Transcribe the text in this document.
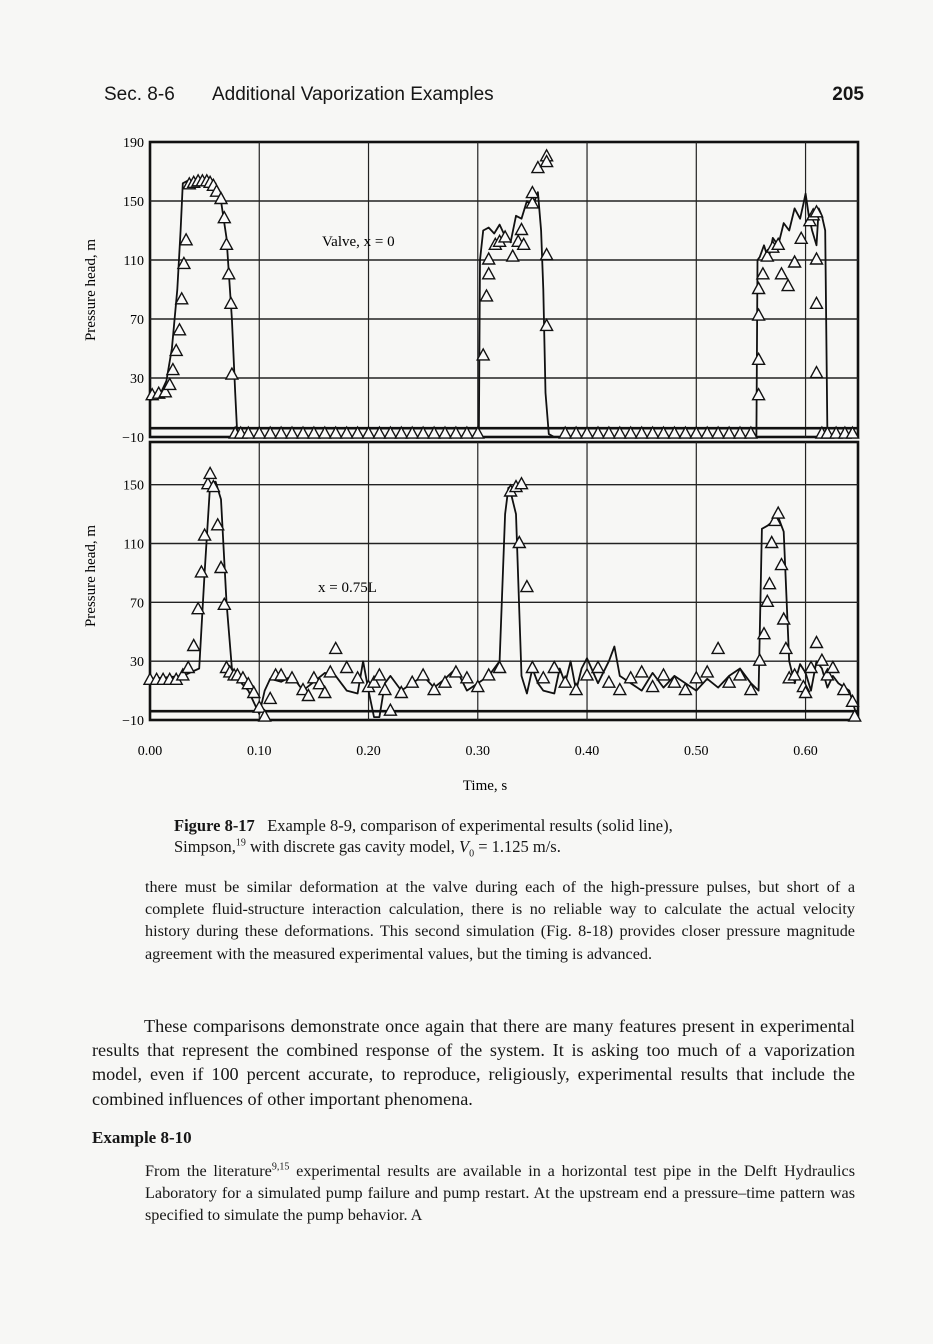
Sec. 8-6 Additional Vaporization Examples	205
190
150
110
70
30
−10
150
110
70
30
−10
0.00	0.10	0.20	0.30	0.40	0.50	0.60
Valve, x = 0
x = 0.75L
Pressure head, m
Pressure head, m
Time, s
Figure 8-17 Example 8-9, comparison of experimental results (solid line),
Simpson,$^{19}$ with discrete gas cavity model, $V_0 = 1.125$ m/s.
there must be similar deformation at the valve during each of the high-pressure pulses, but short of a complete fluid-structure interaction calculation, there is no reliable way to calculate the actual velocity history during these deformations. This second simulation (Fig. 8-18) provides closer pressure magnitude agreement with the measured experimental values, but the timing is advanced.
These comparisons demonstrate once again that there are many features present in experimental results that represent the combined response of the system. It is asking too much of a vaporization model, even if 100 percent accurate, to reproduce, religiously, experimental results that include the combined influences of other important phenomena.
Example 8-10
From the literature$^{9,15}$ experimental results are available in a horizontal test pipe in the Delft Hydraulics Laboratory for a simulated pump failure and pump restart. At the upstream end a pressure–time pattern was specified to simulate the pump behavior. A
